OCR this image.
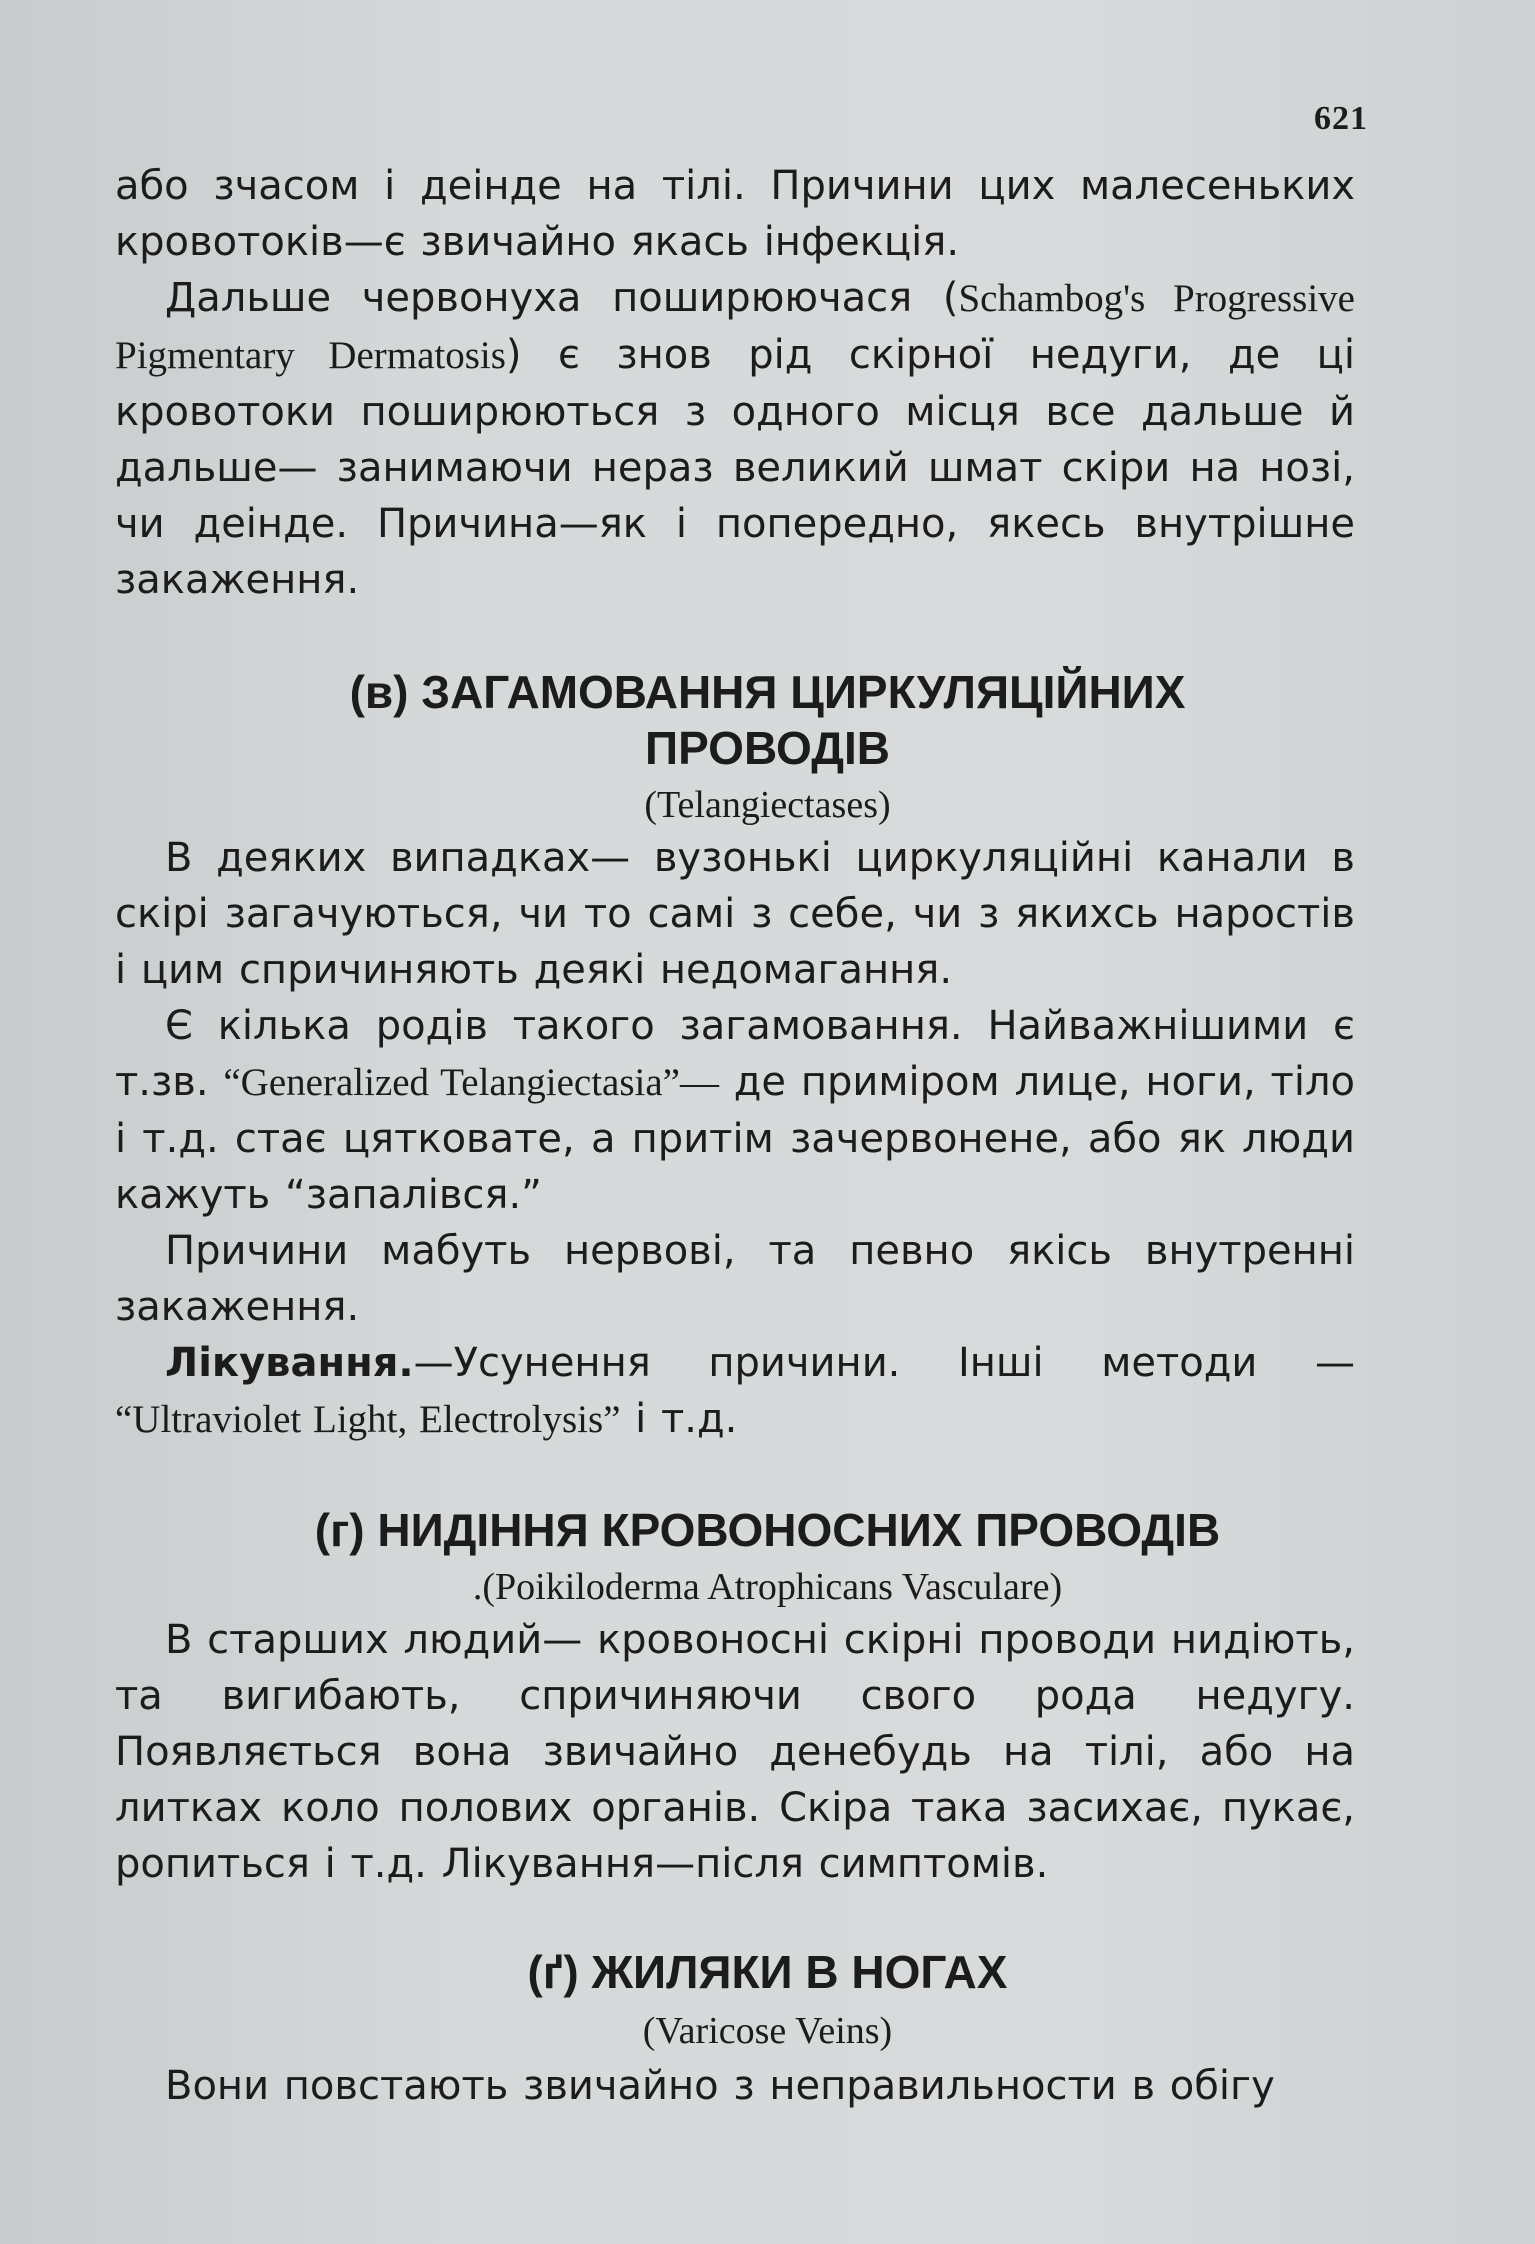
621

або зчасом і деінде на тілі. Причини цих малесеньких кровотоків—є звичайно якась інфекція.

Дальше червонуха поширюючася (Schambog's Progressive Pigmentary Dermatosis) є знов рід скірної недуги, де ці кровотоки поширюються з одного місця все дальше й дальше— занимаючи нераз великий шмат скіри на нозі, чи деінде. Причина—як і попередно, якесь внутрішне закаження.

(в) ЗАГАМОВАННЯ ЦИРКУЛЯЦІЙНИХ
ПРОВОДІВ
(Telangiectases)

В деяких випадках— вузонькі циркуляційні канали в скірі загачуються, чи то самі з себе, чи з якихсь наростів і цим спричиняють деякі недомагання.

Є кілька родів такого загамовання. Найважнішими є т.зв. “Generalized Telangiectasia”— де приміром лице, ноги, тіло і т.д. стає цятковате, а притім зачервонене, або як люди кажуть “запалівся.”

Причини мабуть нервові, та певно якісь внутренні закаження.

Лікування.—Усунення причини. Інші методи — “Ultraviolet Light, Electrolysis” і т.д.

(г) НИДІННЯ КРОВОНОСНИХ ПРОВОДІВ
.(Poikiloderma Atrophicans Vasculare)

В старших людий— кровоносні скірні проводи нидіють, та вигибають, спричиняючи свого рода недугу. Появляється вона звичайно денебудь на тілі, або на литках коло полових органів. Скіра така засихає, пукає, ропиться і т.д. Лікування—після симптомів.

(ґ) ЖИЛЯКИ В НОГАХ
(Varicose Veins)

Вони повстають звичайно з неправильности в обігу
